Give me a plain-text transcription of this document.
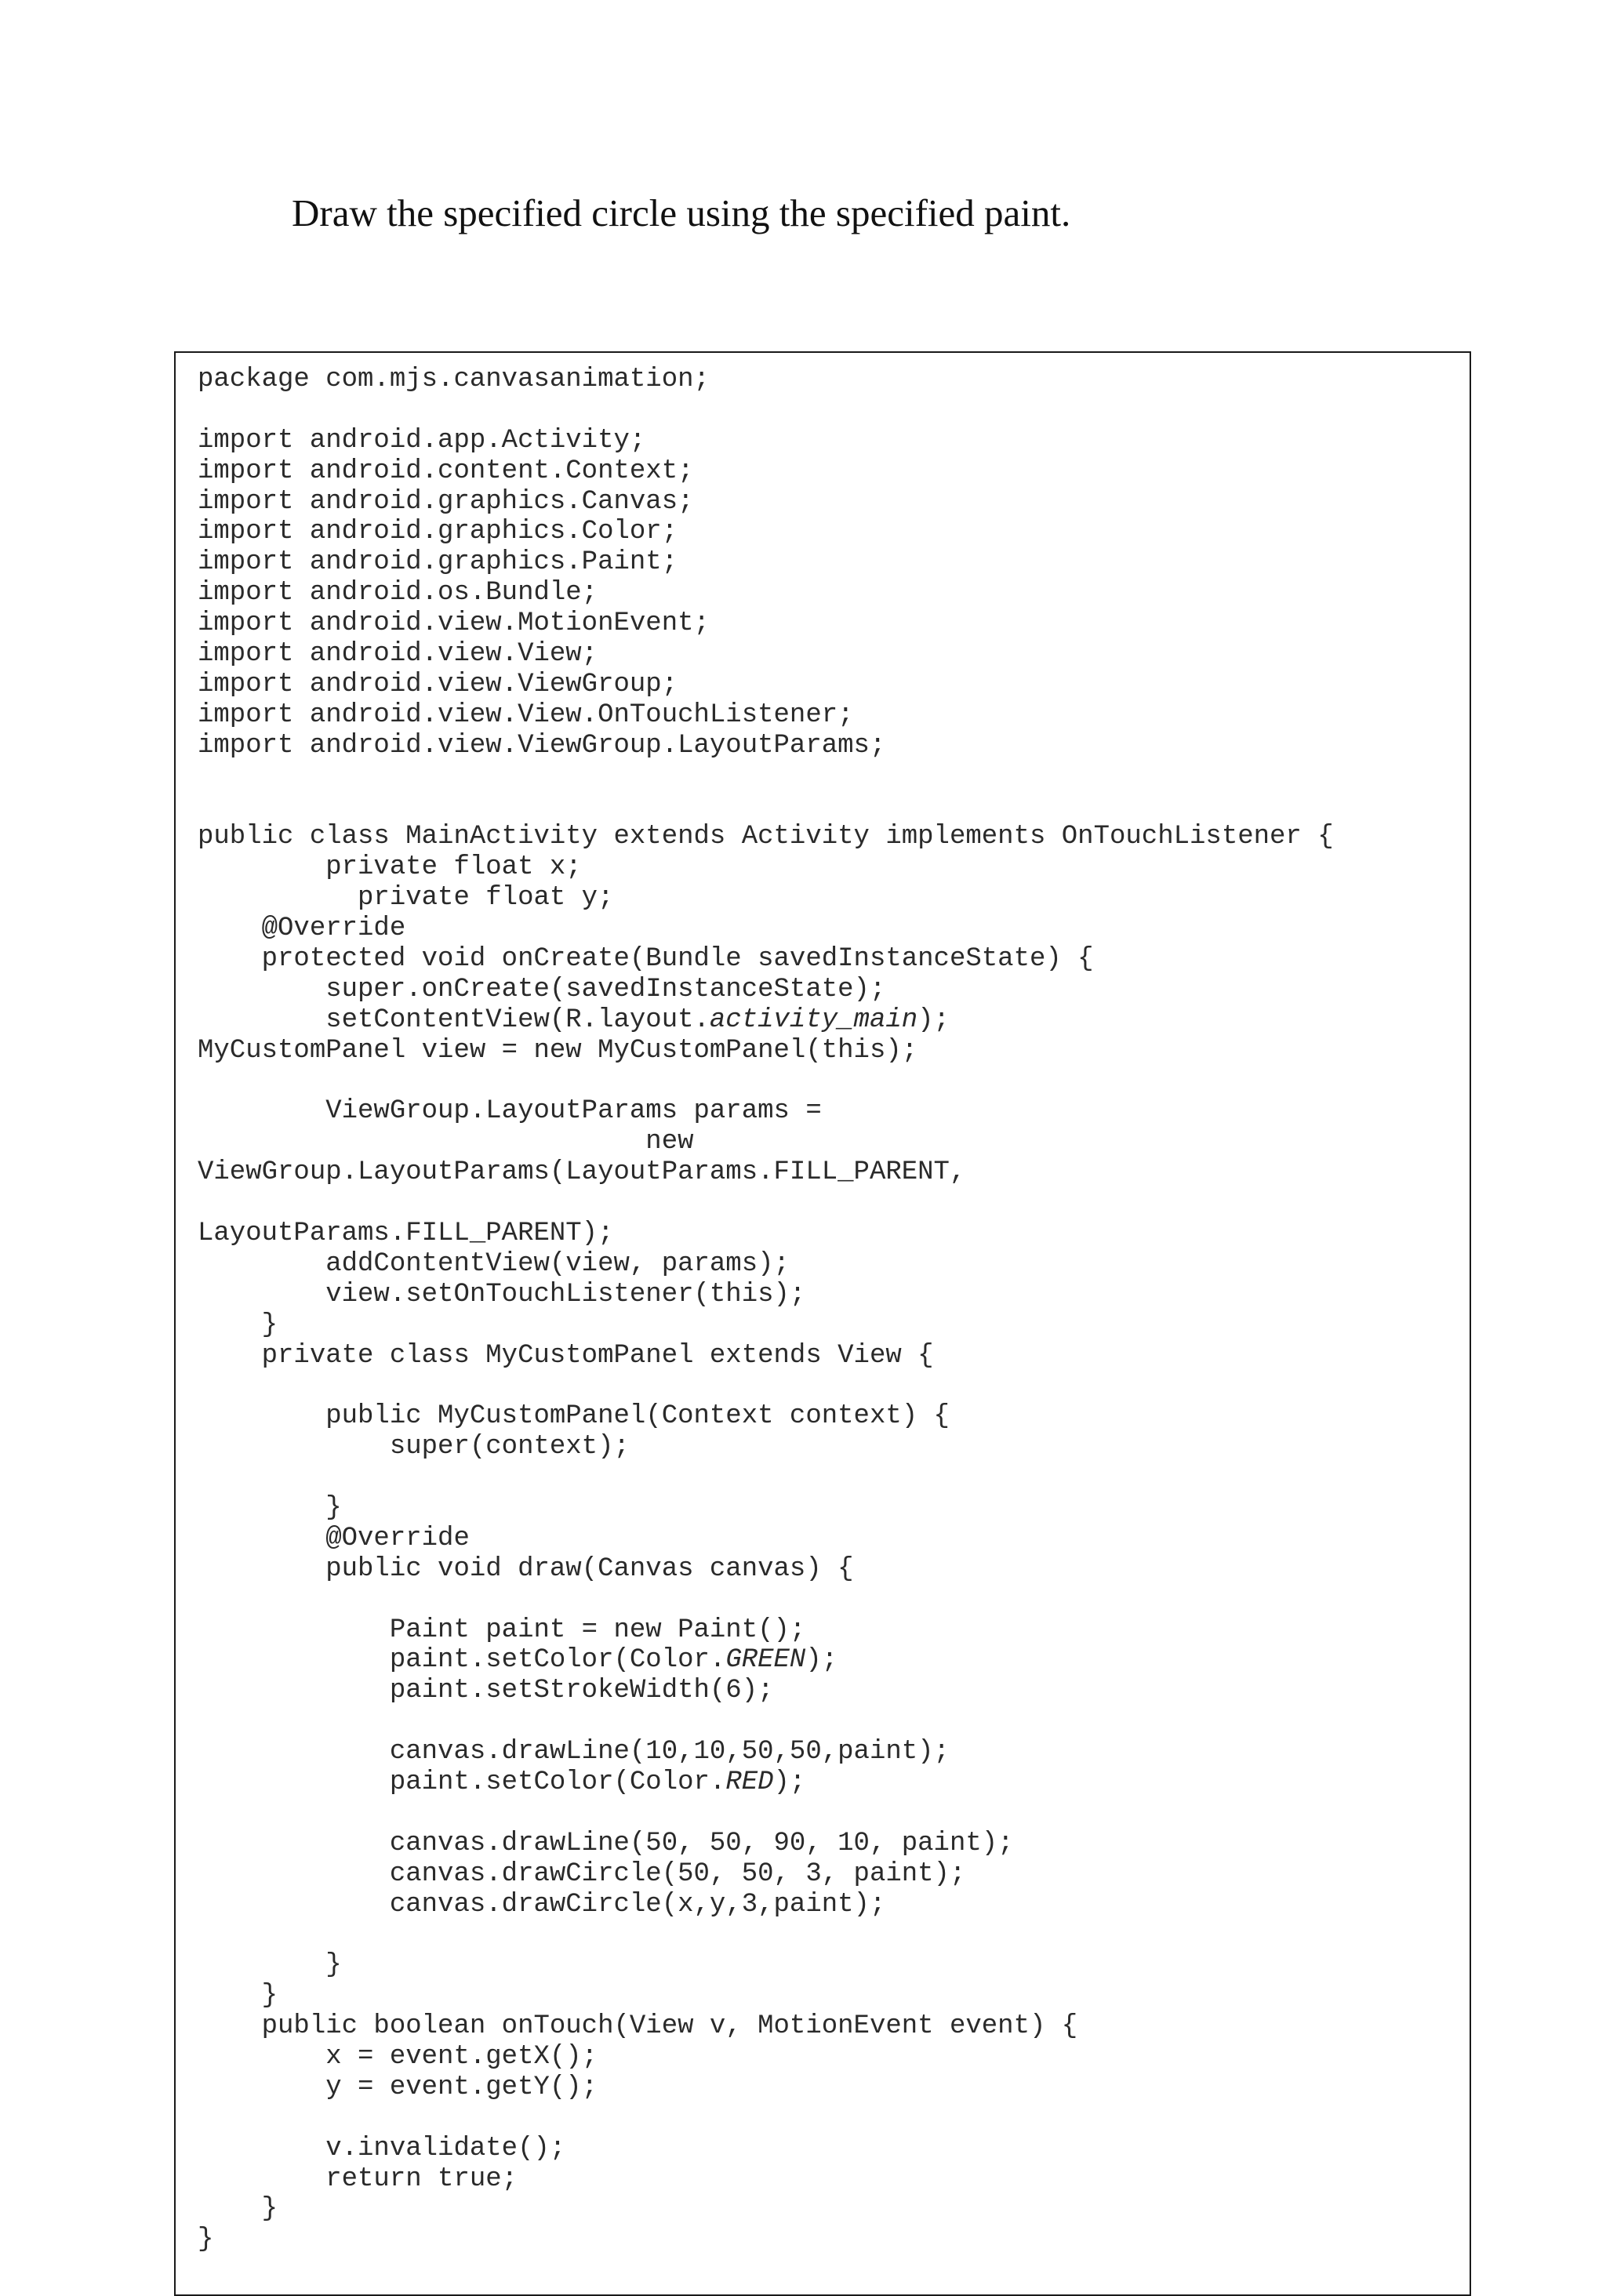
Draw the specified circle using the specified paint.
package com.mjs.canvasanimation;

import android.app.Activity;
import android.content.Context;
import android.graphics.Canvas;
import android.graphics.Color;
import android.graphics.Paint;
import android.os.Bundle;
import android.view.MotionEvent;
import android.view.View;
import android.view.ViewGroup;
import android.view.View.OnTouchListener;
import android.view.ViewGroup.LayoutParams;

public class MainActivity extends Activity implements OnTouchListener {
private float x;
private float y;
@Override
protected void onCreate(Bundle savedInstanceState) {
super.onCreate(savedInstanceState);
setContentView(R.layout.activity_main);
MyCustomPanel view = new MyCustomPanel(this);

ViewGroup.LayoutParams params =
new
ViewGroup.LayoutParams(LayoutParams.FILL_PARENT,

LayoutParams.FILL_PARENT);
addContentView(view, params);
view.setOnTouchListener(this);
}
private class MyCustomPanel extends View {

public MyCustomPanel(Context context) {
super(context);

}
@Override
public void draw(Canvas canvas) {

Paint paint = new Paint();
paint.setColor(Color.GREEN);
paint.setStrokeWidth(6);

canvas.drawLine(10,10,50,50,paint);
paint.setColor(Color.RED);

canvas.drawLine(50, 50, 90, 10, paint);
canvas.drawCircle(50, 50, 3, paint);
canvas.drawCircle(x,y,3,paint);

}
}
public boolean onTouch(View v, MotionEvent event) {
x = event.getX();
y = event.getY();

v.invalidate();
return true;
}
}
